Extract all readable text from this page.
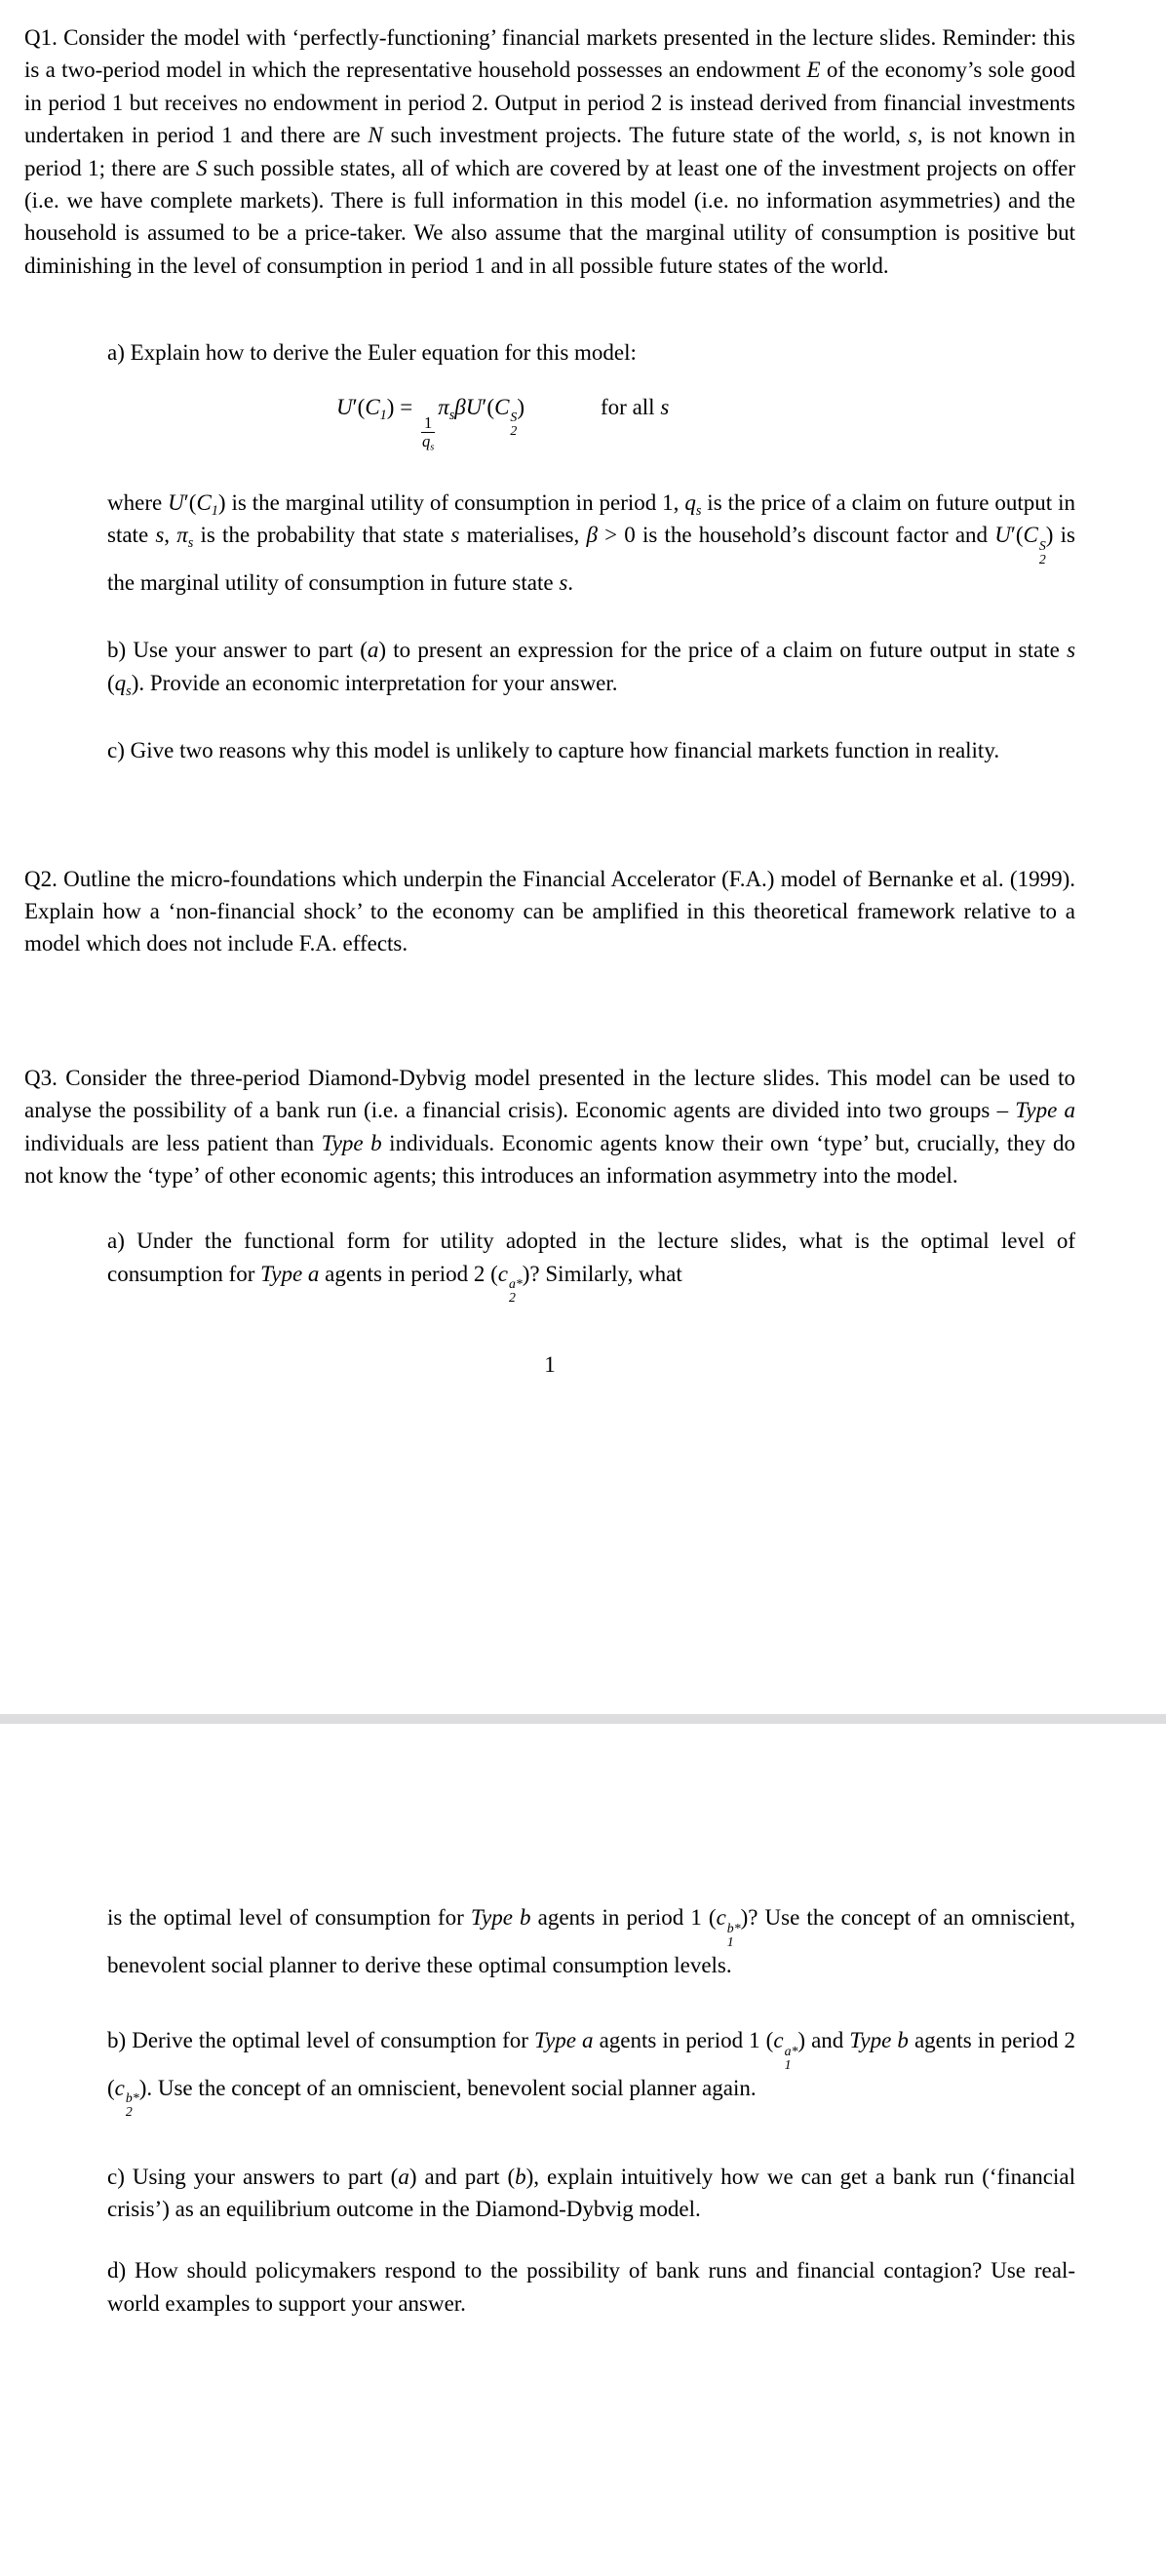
Q1. Consider the model with ‘perfectly-functioning’ financial markets presented in the lecture slides. Reminder: this is a two-period model in which the representative household possesses an endowment E of the economy’s sole good in period 1 but receives no endowment in period 2. Output in period 2 is instead derived from financial investments undertaken in period 1 and there are N such investment projects. The future state of the world, s, is not known in period 1; there are S such possible states, all of which are covered by at least one of the investment projects on offer (i.e. we have complete markets). There is full information in this model (i.e. no information asymmetries) and the household is assumed to be a price-taker. We also assume that the marginal utility of consumption is positive but diminishing in the level of consumption in period 1 and in all possible future states of the world.

a) Explain how to derive the Euler equation for this model:

$U'(C_1)$ =
$\frac{1}{q_s}$
$\pi_s\beta U'(C$ S
2
)	for all s

where $U'(C_1)$ is the marginal utility of consumption in period 1, $q_s$ is the price of a claim on future output in state s, $\pi_s$ is the probability that state s materialises, β > 0 is the household’s discount factor and U′(C S
2
) is the marginal utility of consumption in future state s.

b) Use your answer to part (a) to present an expression for the price of a claim on future output in state s $(q_s)$. Provide an economic interpretation for your answer.

c) Give two reasons why this model is unlikely to capture how financial markets function in reality.

Q2. Outline the micro-foundations which underpin the Financial Accelerator (F.A.) model of Bernanke et al. (1999). Explain how a ‘non-financial shock’ to the economy can be amplified in this theoretical framework relative to a model which does not include F.A. effects.

Q3. Consider the three-period Diamond-Dybvig model presented in the lecture slides. This model can be used to analyse the possibility of a bank run (i.e. a financial crisis). Economic agents are divided into two groups – Type a individuals are less patient than Type b individuals. Economic agents know their own ‘type’ but, crucially, they do not know the ‘type’ of other economic agents; this introduces an information asymmetry into the model.

a) Under the functional form for utility adopted in the lecture slides, what is the optimal level of consumption for Type a agents in period 2 (c a*
2
)? Similarly, what

1

is the optimal level of consumption for Type b agents in period 1 (c b*
1
)? Use the concept of an omniscient, benevolent social planner to derive these optimal consumption levels.

b) Derive the optimal level of consumption for Type a agents in period 1 (c a*
1
) and Type b agents in period 2 (c b*
2
). Use the concept of an omniscient, benevolent social planner again.

c) Using your answers to part (a) and part (b), explain intuitively how we can get a bank run (‘financial crisis’) as an equilibrium outcome in the Diamond-Dybvig model.

d) How should policymakers respond to the possibility of bank runs and financial contagion? Use real-world examples to support your answer.
